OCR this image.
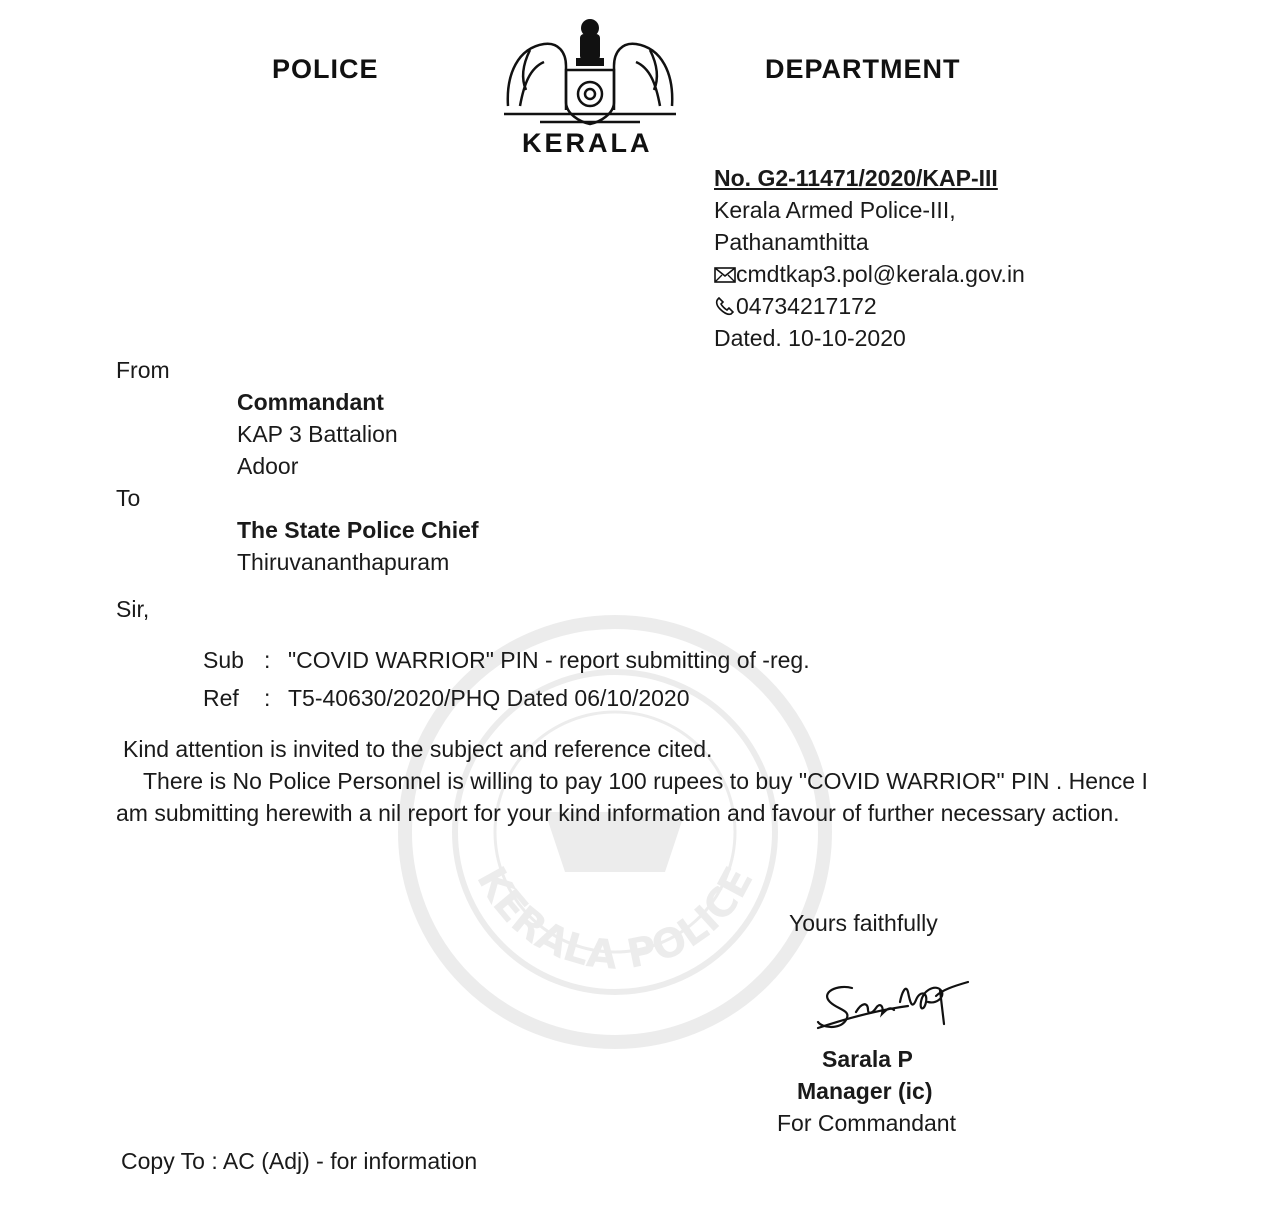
KERALA POLICE
POLICE	DEPARTMENT
KERALA
No. G2-11471/2020/KAP-III
Kerala Armed Police-III,
Pathanamthitta
cmdtkap3.pol@kerala.gov.in
04734217172
Dated. 10-10-2020
From
Commandant
KAP 3 Battalion
Adoor
To
The State Police Chief
Thiruvananthapuram
Sir,
Sub : "COVID WARRIOR" PIN - report submitting of -reg.
Ref : T5-40630/2020/PHQ Dated 06/10/2020
Kind attention is invited to the subject and reference cited.
There is No Police Personnel is willing to pay 100 rupees to buy "COVID WARRIOR" PIN . Hence I am submitting herewith a nil report for your kind information and favour of further necessary action.
Yours faithfully
Sarala P
Manager (ic)
For Commandant
Copy To : AC (Adj) - for information
